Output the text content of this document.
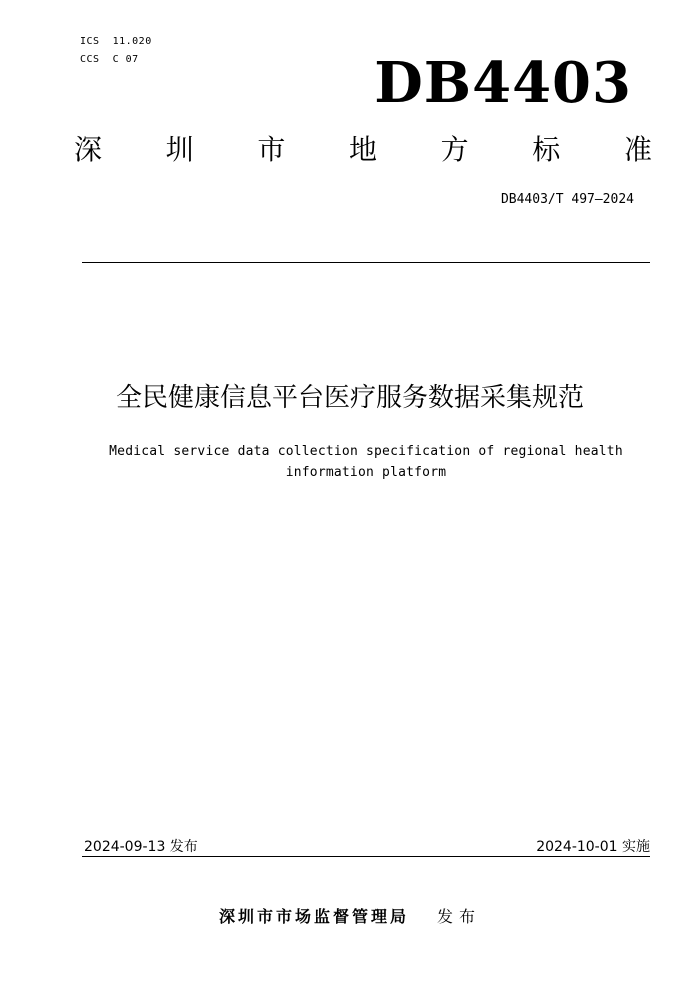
ICS  11.020
CCS  C 07	DB4403
深 圳 市 地 方 标 准
DB4403/T 497—2024
全民健康信息平台医疗服务数据采集规范
Medical service data collection specification of regional health information platform
2024-09-13 发布	2024-10-01 实施
深圳市市场监督管理局 发布
